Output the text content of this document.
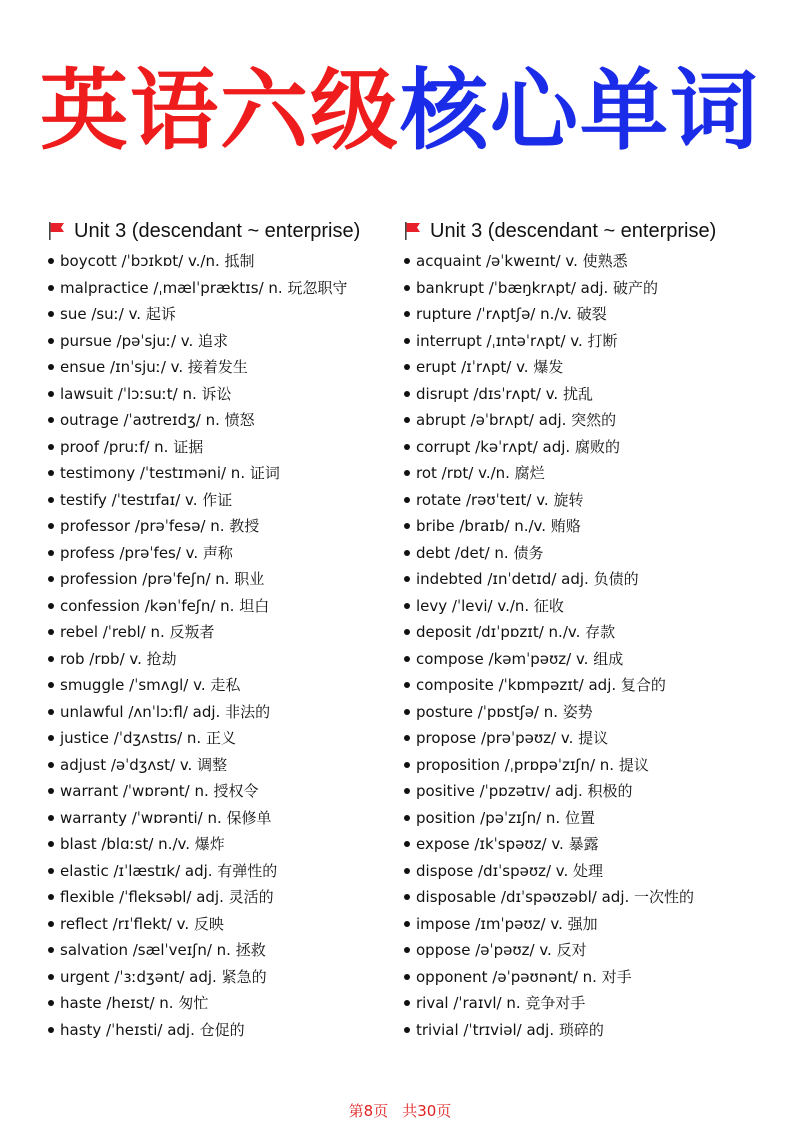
英语六级核心单词
Unit 3 (descendant ~ enterprise)
boycott /ˈbɔɪkɒt/ v./n. 抵制
malpractice /ˌmælˈpræktɪs/ n. 玩忽职守
sue /suː/ v. 起诉
pursue /pəˈsjuː/ v. 追求
ensue /ɪnˈsjuː/ v. 接着发生
lawsuit /ˈlɔːsuːt/ n. 诉讼
outrage /ˈaʊtreɪdʒ/ n. 愤怒
proof /pruːf/ n. 证据
testimony /ˈtestɪməni/ n. 证词
testify /ˈtestɪfaɪ/ v. 作证
professor /prəˈfesə/ n. 教授
profess /prəˈfes/ v. 声称
profession /prəˈfeʃn/ n. 职业
confession /kənˈfeʃn/ n. 坦白
rebel /ˈrebl/ n. 反叛者
rob /rɒb/ v. 抢劫
smuggle /ˈsmʌgl/ v. 走私
unlawful /ʌnˈlɔːfl/ adj. 非法的
justice /ˈdʒʌstɪs/ n. 正义
adjust /əˈdʒʌst/ v. 调整
warrant /ˈwɒrənt/ n. 授权令
warranty /ˈwɒrənti/ n. 保修单
blast /blɑːst/ n./v. 爆炸
elastic /ɪˈlæstɪk/ adj. 有弹性的
flexible /ˈfleksəbl/ adj. 灵活的
reflect /rɪˈflekt/ v. 反映
salvation /sælˈveɪʃn/ n. 拯救
urgent /ˈɜːdʒənt/ adj. 紧急的
haste /heɪst/ n. 匆忙
hasty /ˈheɪsti/ adj. 仓促的
Unit 3 (descendant ~ enterprise)
acquaint /əˈkweɪnt/ v. 使熟悉
bankrupt /ˈbæŋkrʌpt/ adj. 破产的
rupture /ˈrʌptʃə/ n./v. 破裂
interrupt /ˌɪntəˈrʌpt/ v. 打断
erupt /ɪˈrʌpt/ v. 爆发
disrupt /dɪsˈrʌpt/ v. 扰乱
abrupt /əˈbrʌpt/ adj. 突然的
corrupt /kəˈrʌpt/ adj. 腐败的
rot /rɒt/ v./n. 腐烂
rotate /rəʊˈteɪt/ v. 旋转
bribe /braɪb/ n./v. 贿赂
debt /det/ n. 债务
indebted /ɪnˈdetɪd/ adj. 负债的
levy /ˈlevi/ v./n. 征收
deposit /dɪˈpɒzɪt/ n./v. 存款
compose /kəmˈpəʊz/ v. 组成
composite /ˈkɒmpəzɪt/ adj. 复合的
posture /ˈpɒstʃə/ n. 姿势
propose /prəˈpəʊz/ v. 提议
proposition /ˌprɒpəˈzɪʃn/ n. 提议
positive /ˈpɒzətɪv/ adj. 积极的
position /pəˈzɪʃn/ n. 位置
expose /ɪkˈspəʊz/ v. 暴露
dispose /dɪˈspəʊz/ v. 处理
disposable /dɪˈspəʊzəbl/ adj. 一次性的
impose /ɪmˈpəʊz/ v. 强加
oppose /əˈpəʊz/ v. 反对
opponent /əˈpəʊnənt/ n. 对手
rival /ˈraɪvl/ n. 竞争对手
trivial /ˈtrɪviəl/ adj. 琐碎的
第8页 共30页
